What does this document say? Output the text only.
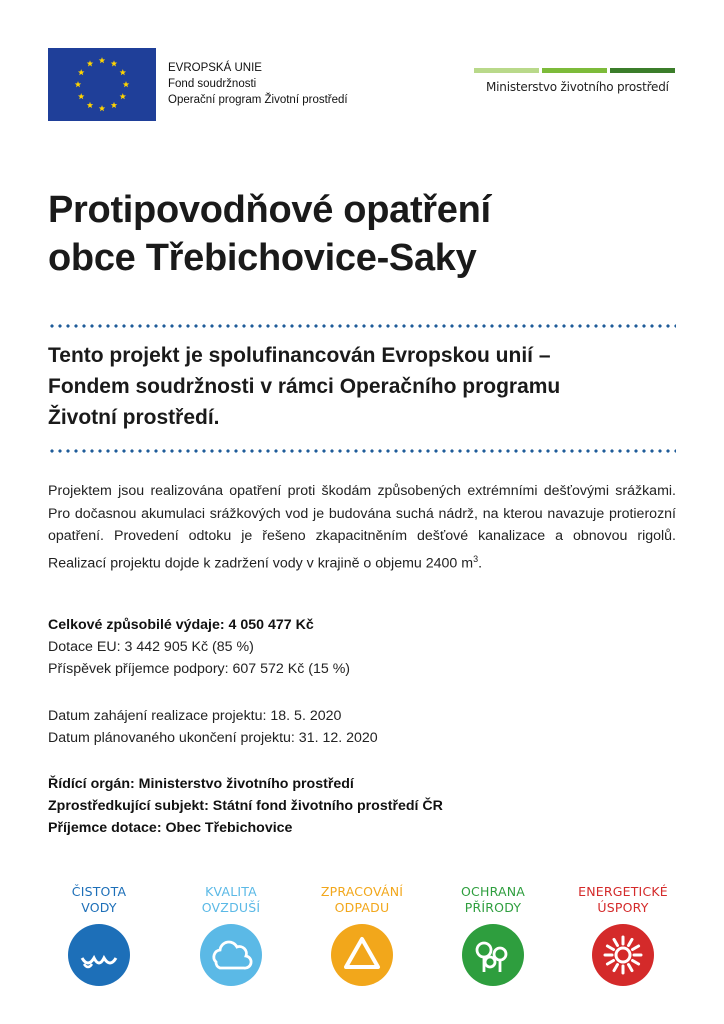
EVROPSKÁ UNIE
Fond soudržnosti
Operační program Životní prostředí
Ministerstvo životního prostředí
Protipovodňové opatření
obce Třebichovice-Saky
Tento projekt je spolufinancován Evropskou unií –
Fondem soudržnosti v rámci Operačního programu
Životní prostředí.
Projektem jsou realizována opatření proti škodám způsobených extrémními dešťovými srážkami. Pro dočasnou akumulaci srážkových vod je budována suchá nádrž, na kterou navazuje protierozní opatření. Provedení odtoku je řešeno zkapacitněním dešťové kanalizace a obnovou rigolů. Realizací projektu dojde k zadržení vody v krajině o objemu 2400 $m^3$.
Celkové způsobilé výdaje: 4 050 477 Kč
Dotace EU: 3 442 905 Kč (85 %)
Příspěvek příjemce podpory: 607 572 Kč (15 %)
Datum zahájení realizace projektu: 18. 5. 2020
Datum plánovaného ukončení projektu: 31. 12. 2020
Řídící orgán: Ministerstvo životního prostředí
Zprostředkující subjekt: Státní fond životního prostředí ČR
Příjemce dotace: Obec Třebichovice
ČISTOTA
VODY
KVALITA
OVZDUŠÍ
ZPRACOVÁNÍ
ODPADU
OCHRANA
PŘÍRODY
ENERGETICKÉ
ÚSPORY
